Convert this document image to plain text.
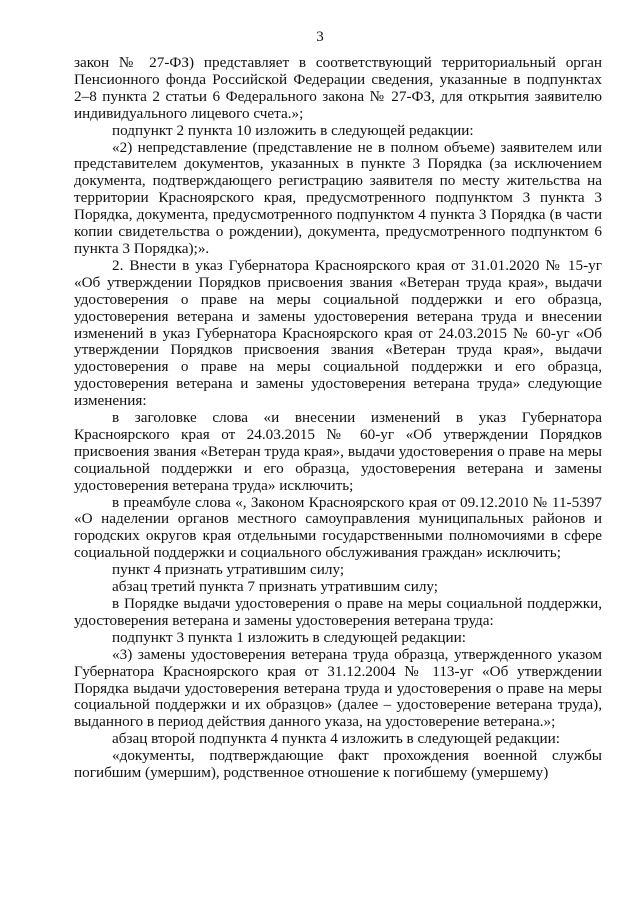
3

закон № 27-ФЗ) представляет в соответствующий территориальный орган Пенсионного фонда Российской Федерации сведения, указанные в подпунктах 2–8 пункта 2 статьи 6 Федерального закона № 27-ФЗ, для открытия заявителю индивидуального лицевого счета.»;

подпункт 2 пункта 10 изложить в следующей редакции:

«2) непредставление (представление не в полном объеме) заявителем или представителем документов, указанных в пункте 3 Порядка (за исключением документа, подтверждающего регистрацию заявителя по месту жительства на территории Красноярского края, предусмотренного подпунктом 3 пункта 3 Порядка, документа, предусмотренного подпунктом 4 пункта 3 Порядка (в части копии свидетельства о рождении), документа, предусмотренного подпунктом 6 пункта 3 Порядка);».

2. Внести в указ Губернатора Красноярского края от 31.01.2020 № 15-уг «Об утверждении Порядков присвоения звания «Ветеран труда края», выдачи удостоверения о праве на меры социальной поддержки и его образца, удостоверения ветерана и замены удостоверения ветерана труда и внесении изменений в указ Губернатора Красноярского края от 24.03.2015 № 60-уг «Об утверждении Порядков присвоения звания «Ветеран труда края», выдачи удостоверения о праве на меры социальной поддержки и его образца, удостоверения ветерана и замены удостоверения ветерана труда» следующие изменения:

в заголовке слова «и внесении изменений в указ Губернатора Красноярского края от 24.03.2015 № 60-уг «Об утверждении Порядков присвоения звания «Ветеран труда края», выдачи удостоверения о праве на меры социальной поддержки и его образца, удостоверения ветерана и замены удостоверения ветерана труда» исключить;

в преамбуле слова «, Законом Красноярского края от 09.12.2010 № 11-5397 «О наделении органов местного самоуправления муниципальных районов и городских округов края отдельными государственными полномочиями в сфере социальной поддержки и социального обслуживания граждан» исключить;

пункт 4 признать утратившим силу;

абзац третий пункта 7 признать утратившим силу;

в Порядке выдачи удостоверения о праве на меры социальной поддержки, удостоверения ветерана и замены удостоверения ветерана труда:

подпункт 3 пункта 1 изложить в следующей редакции:

«3) замены удостоверения ветерана труда образца, утвержденного указом Губернатора Красноярского края от 31.12.2004 № 113-уг «Об утверждении Порядка выдачи удостоверения ветерана труда и удостоверения о праве на меры социальной поддержки и их образцов» (далее – удостоверение ветерана труда), выданного в период действия данного указа, на удостоверение ветерана.»;

абзац второй подпункта 4 пункта 4 изложить в следующей редакции:

«документы, подтверждающие факт прохождения военной службы погибшим (умершим), родственное отношение к погибшему (умершему)
